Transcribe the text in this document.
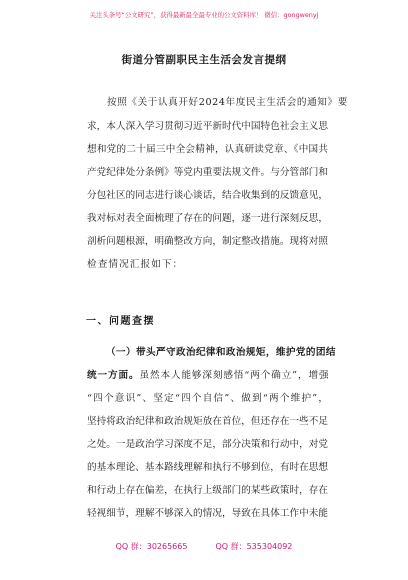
关注头条号“公文研究”，获得最新最全最专业的公文资料库！ 微信：gongwenyj
街道分管副职民主生活会发言提纲
按照《关于认真开好2024年度民主生活会的通知》要
求，本人深入学习贯彻习近平新时代中国特色社会主义思
想和党的二十届三中全会精神，认真研读党章、《中国共
产党纪律处分条例》等党内重要法规文件。与分管部门和
分包社区的同志进行谈心谈话，结合收集到的反馈意见，
我对标对表全面梳理了存在的问题，逐一进行深刻反思，
剖析问题根源，明确整改方向，制定整改措施。现将对照
检查情况汇报如下：
一、问题查摆
（一）带头严守政治纪律和政治规矩，维护党的团结
统一方面。虽然本人能够深刻感悟“两个确立”，增强
“四个意识”、坚定“四个自信”、做到“两个维护”，
坚持将政治纪律和政治规矩放在首位，但还存在一些不足
之处。一是政治学习深度不足，部分决策和行动中，对党
的基本理论、基本路线理解和执行不够到位，有时在思想
和行动上存在偏差，在执行上级部门的某些政策时，存在
轻视细节，理解不够深入的情况，导致在具体工作中未能
QQ 群：30265665	QQ 群：535304092
